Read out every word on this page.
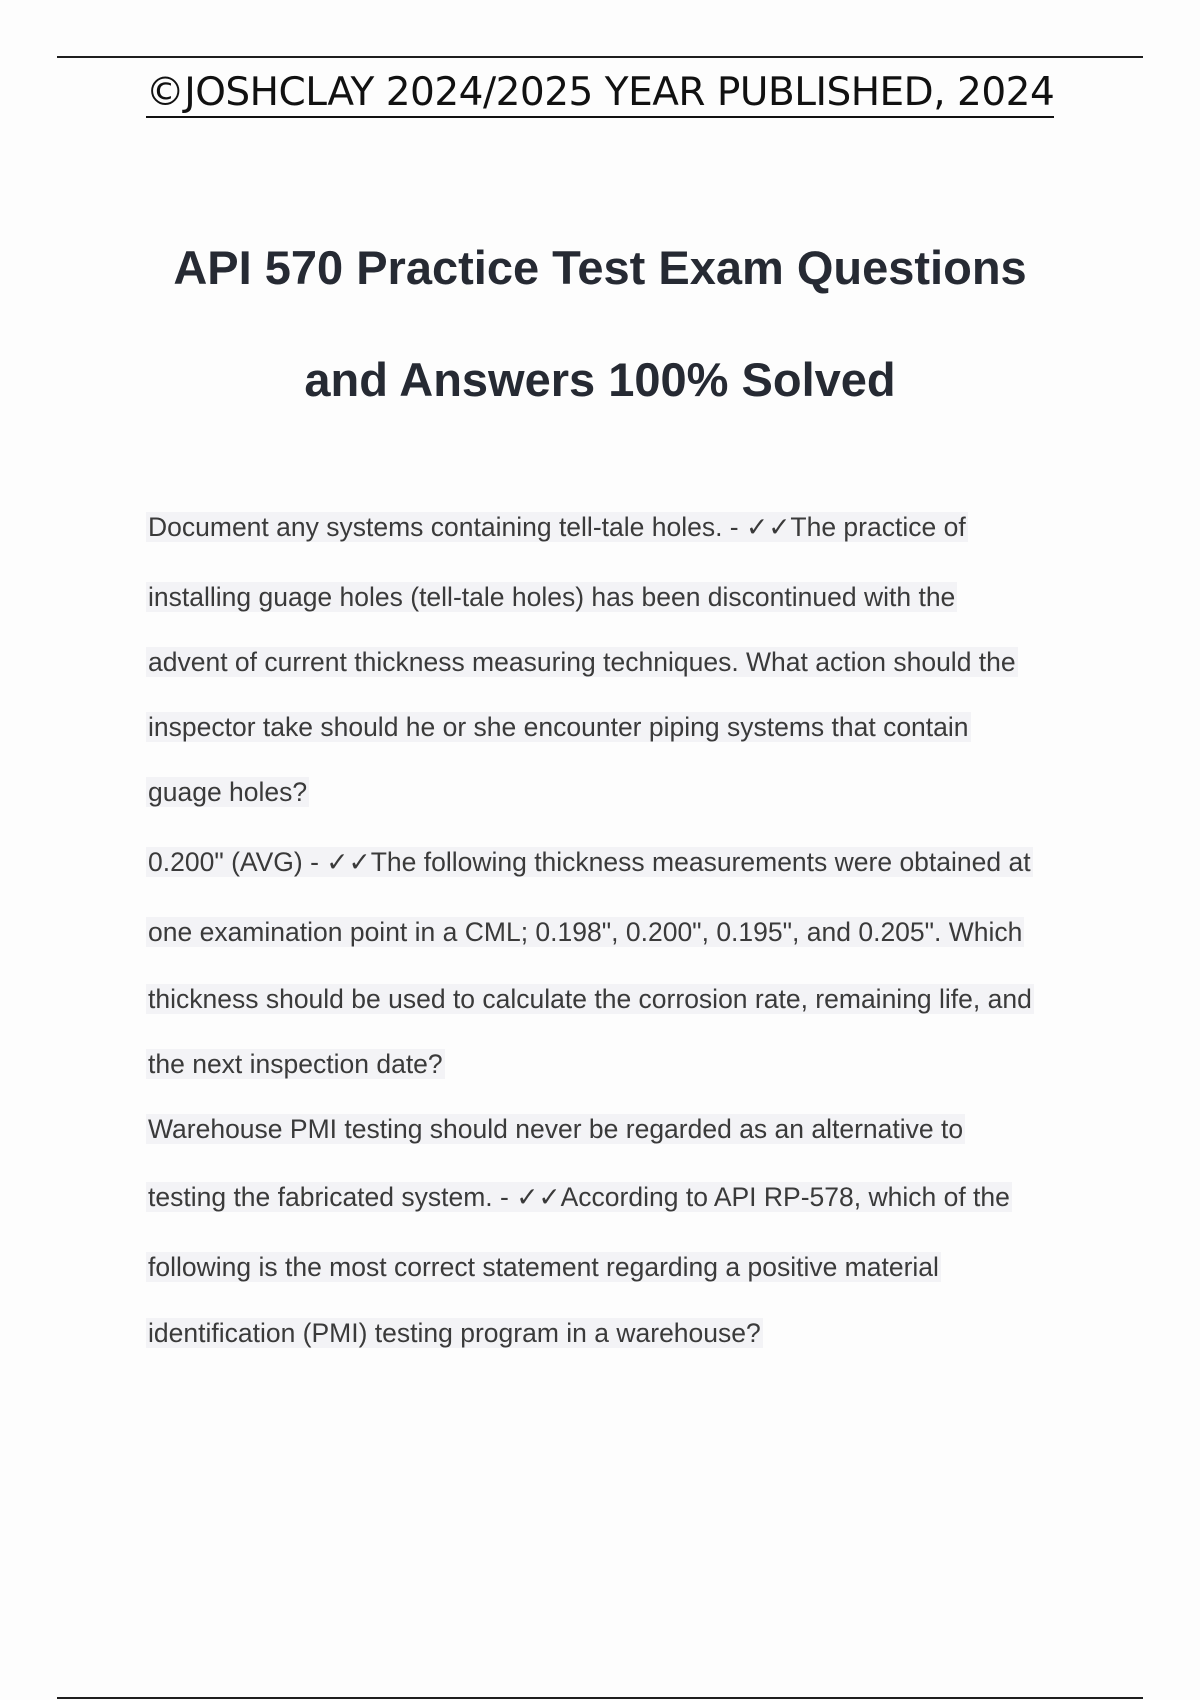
©JOSHCLAY 2024/2025 YEAR PUBLISHED, 2024
API 570 Practice Test Exam Questions
and Answers 100% Solved
Document any systems containing tell-tale holes. - ✓✓The practice of
installing guage holes (tell-tale holes) has been discontinued with the
advent of current thickness measuring techniques. What action should the
inspector take should he or she encounter piping systems that contain
guage holes?
0.200" (AVG) - ✓✓The following thickness measurements were obtained at
one examination point in a CML; 0.198", 0.200", 0.195", and 0.205". Which
thickness should be used to calculate the corrosion rate, remaining life, and
the next inspection date?
Warehouse PMI testing should never be regarded as an alternative to
testing the fabricated system. - ✓✓According to API RP-578, which of the
following is the most correct statement regarding a positive material
identification (PMI) testing program in a warehouse?
